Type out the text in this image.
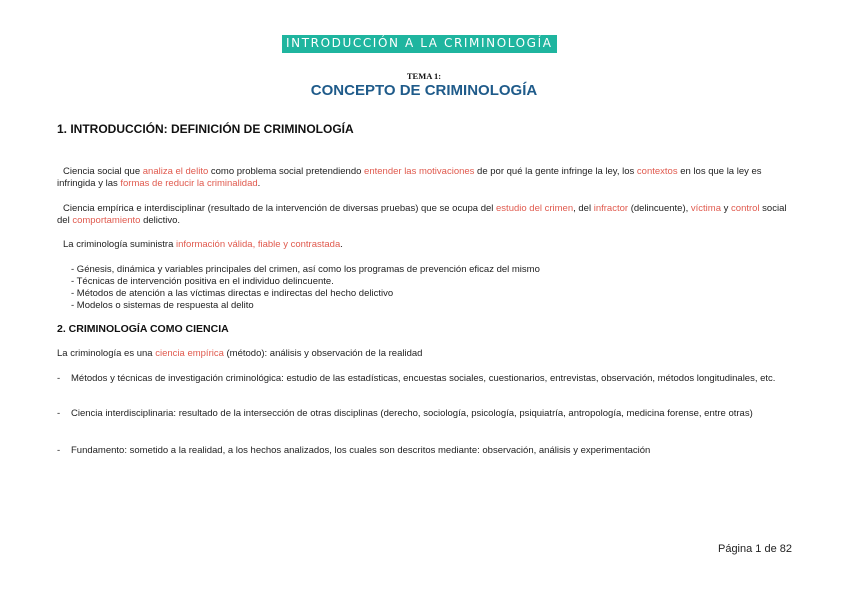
INTRODUCCIÓN A LA CRIMINOLOGÍA
TEMA 1:
CONCEPTO DE CRIMINOLOGÍA
1. INTRODUCCIÓN: DEFINICIÓN DE CRIMINOLOGÍA
Ciencia social que analiza el delito como problema social pretendiendo entender las motivaciones de por qué la gente infringe la ley, los contextos en los que la ley es infringida y las formas de reducir la criminalidad.
Ciencia empírica e interdisciplinar (resultado de la intervención de diversas pruebas) que se ocupa del estudio del crimen, del infractor (delincuente), víctima y control social del comportamiento delictivo.
La criminología suministra información válida, fiable y contrastada.
- Génesis, dinámica y variables principales del crimen, así como los programas de prevención eficaz del mismo
- Técnicas de intervención positiva en el individuo delincuente.
- Métodos de atención a las víctimas directas e indirectas del hecho delictivo
- Modelos o sistemas de respuesta al delito
2. CRIMINOLOGÍA COMO CIENCIA
La criminología es una ciencia empírica (método): análisis y observación de la realidad
- Métodos y técnicas de investigación criminológica: estudio de las estadísticas, encuestas sociales, cuestionarios, entrevistas, observación, métodos longitudinales, etc.
- Ciencia interdisciplinaria: resultado de la intersección de otras disciplinas (derecho, sociología, psicología, psiquiatría, antropología, medicina forense, entre otras)
- Fundamento: sometido a la realidad, a los hechos analizados, los cuales son descritos mediante: observación, análisis y experimentación
Página 1 de 82
